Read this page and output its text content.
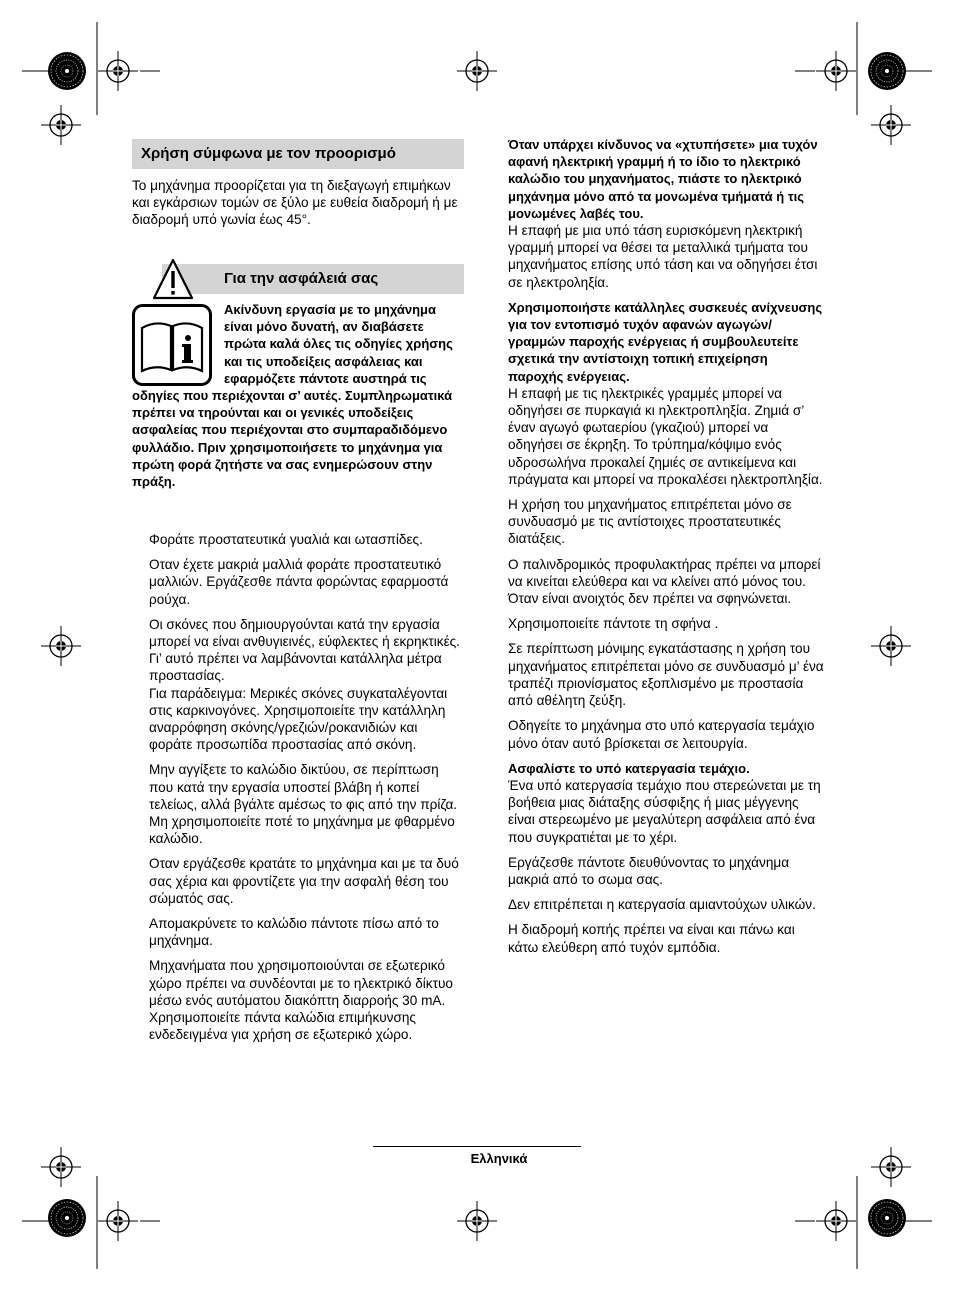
Χρήση σύμφωνα με τον προορισμό

Το μηχάνημα προορίζεται για τη διεξαγωγή επιμήκων και εγκάρσιων τομών σε ξύλο με ευθεία διαδρομή ή με διαδρομή υπό γωνία έως 45°.

Για την ασφάλειά σας
Ακίνδυνη εργασία με το μηχάνημα είναι μόνο δυνατή, αν διαβάσετε πρώτα καλά όλες τις οδηγίες χρήσης και τις υποδείξεις ασφάλειας και εφαρμόζετε πάντοτε αυστηρά τις οδηγίες που περιέχονται σ’ αυτές. Συμπληρωματικά πρέπει να τηρούνται και οι γενικές υποδείξεις ασφαλείας που περιέχονται στο συμπαραδιδόμενο φυλλάδιο. Πριν χρησιμοποιήσετε το μηχάνημα για πρώτη φορά ζητήστε να σας ενημερώσουν στην πράξη.

Φοράτε προστατευτικά γυαλιά και ωτασπίδες.

Οταν έχετε μακριά μαλλιά φοράτε προστατευτικό μαλλιών. Εργάζεσθε πάντα φορώντας εφαρμοστά ρούχα.

Οι σκόνες που δημιουργούνται κατά την εργασία μπορεί να είναι ανθυγιεινές, εύφλεκτες ή εκρηκτικές. Γι’ αυτό πρέπει να λαμβάνονται κατάλληλα μέτρα προστασίας.

Για παράδειγμα: Μερικές σκόνες συγκαταλέγονται στις καρκινογόνες. Χρησιμοποιείτε την κατάλληλη αναρρόφηση σκόνης/γρεζιών/ροκανιδιών και φοράτε προσωπίδα προστασίας από σκόνη.

Μην αγγίξετε το καλώδιο δικτύου, σε περίπτωση που κατά την εργασία υποστεί βλάβη ή κοπεί τελείως, αλλά βγάλτε αμέσως το φις από την πρίζα. Μη χρησιμοποιείτε ποτέ το μηχάνημα με φθαρμένο καλώδιο.

Οταν εργάζεσθε κρατάτε το μηχάνημα και με τα δυό σας χέρια και φροντίζετε για την ασφαλή θέση του σώματός σας.

Απομακρύνετε το καλώδιο πάντοτε πίσω από το μηχάνημα.

Μηχανήματα που χρησιμοποιούνται σε εξωτερικό χώρο πρέπει να συνδέονται με το ηλεκτρικό δίκτυο μέσω ενός αυτόματου διακόπτη διαρροής 30 mA. Χρησιμοποιείτε πάντα καλώδια επιμήκυνσης ενδεδειγμένα για χρήση σε εξωτερικό χώρο.

Όταν υπάρχει κίνδυνος να «χτυπήσετε» μια τυχόν αφανή ηλεκτρική γραμμή ή το ίδιο το ηλεκτρικό καλώδιο του μηχανήματος, πιάστε το ηλεκτρικό μηχάνημα μόνο από τα μονωμένα τμήματά ή τις μονωμένες λαβές του.

Η επαφή με μια υπό τάση ευρισκόμενη ηλεκτρική γραμμή μπορεί να θέσει τα μεταλλικά τμήματα του μηχανήματος επίσης υπό τάση και να οδηγήσει έτσι σε ηλεκτροληξία.

Χρησιμοποιήστε κατάλληλες συσκευές ανίχνευσης για τον εντοπισμό τυχόν αφανών αγωγών/γραμμών παροχής ενέργειας ή συμβουλευτείτε σχετικά την αντίστοιχη τοπική επιχείρηση παροχής ενέργειας.

Η επαφή με τις ηλεκτρικές γραμμές μπορεί να οδηγήσει σε πυρκαγιά κι ηλεκτροπληξία. Ζημιά σ’ έναν αγωγό φωταερίου (γκαζιού) μπορεί να οδηγήσει σε έκρηξη. Το τρύπημα/κόψιμο ενός υδροσωλήνα προκαλεί ζημιές σε αντικείμενα και πράγματα και μπορεί να προκαλέσει ηλεκτροπληξία.

Η χρήση του μηχανήματος επιτρέπεται μόνο σε συνδυασμό με τις αντίστοιχες προστατευτικές διατάξεις.

Ο παλινδρομικός προφυλακτήρας πρέπει να μπορεί να κινείται ελεύθερα και να κλείνει από μόνος του. Όταν είναι ανοιχτός δεν πρέπει να σφηνώνεται.

Χρησιμοποιείτε πάντοτε τη σφήνα .

Σε περίπτωση μόνιμης εγκατάστασης η χρήση του μηχανήματος επιτρέπεται μόνο σε συνδυασμό μ’ ένα τραπέζι πριονίσματος εξοπλισμένο με προστασία από αθέλητη ζεύξη.

Οδηγείτε το μηχάνημα στο υπό κατεργασία τεμάχιο μόνο όταν αυτό βρίσκεται σε λειτουργία.

Ασφαλίστε το υπό κατεργασία τεμάχιο.

Ένα υπό κατεργασία τεμάχιο που στερεώνεται με τη βοήθεια μιας διάταξης σύσφιξης ή μιας μέγγενης είναι στερεωμένο με μεγαλύτερη ασφάλεια από ένα που συγκρατιέται με το χέρι.

Εργάζεσθε πάντοτε διευθύνοντας το μηχάνημα μακριά από το σωμα σας.

Δεν επιτρέπεται η κατεργασία αμιαντούχων υλικών.

Η διαδρομή κοπής πρέπει να είναι και πάνω και κάτω ελεύθερη από τυχόν εμπόδια.

Ελληνικά
